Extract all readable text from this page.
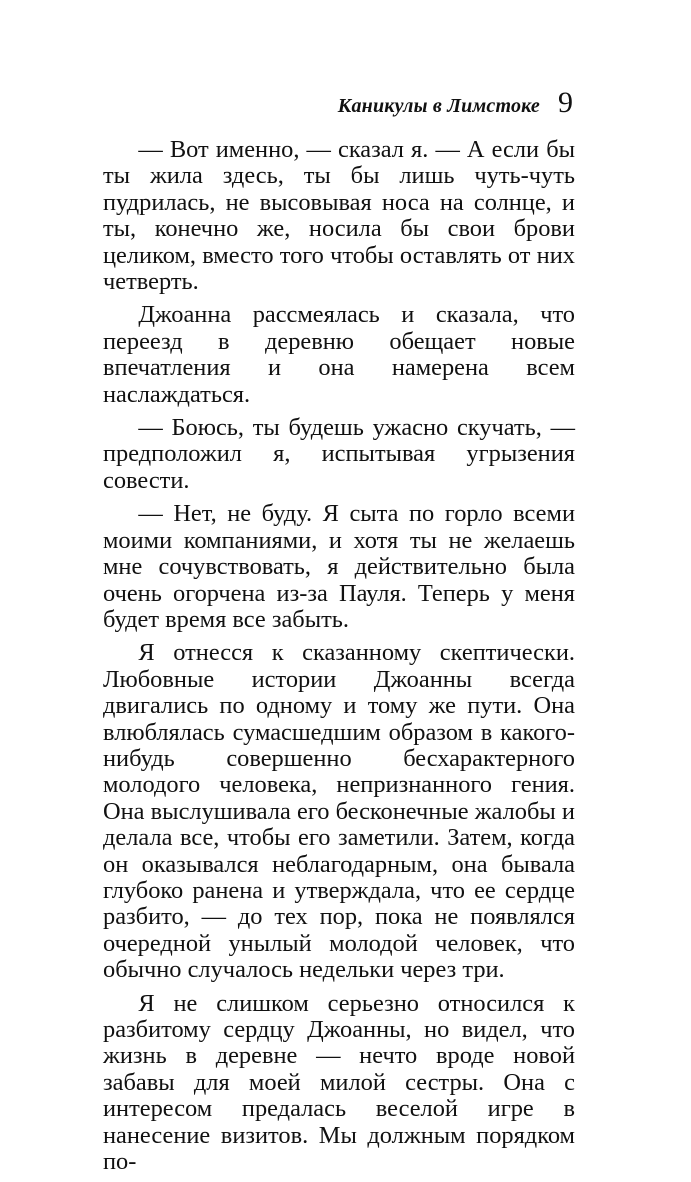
Каникулы в Лимстоке 9

— Вот именно, — сказал я. — А если бы ты жила здесь, ты бы лишь чуть-чуть пудрилась, не высовывая носа на солнце, и ты, конечно же, носила бы свои брови целиком, вместо того чтобы оставлять от них четверть.

Джоанна рассмеялась и сказала, что переезд в деревню обещает новые впечатления и она намерена всем наслаждаться.

— Боюсь, ты будешь ужасно скучать, — предположил я, испытывая угрызения совести.

— Нет, не буду. Я сыта по горло всеми моими компаниями, и хотя ты не желаешь мне сочувствовать, я действительно была очень огорчена из-за Пауля. Теперь у меня будет время все забыть.

Я отнесся к сказанному скептически. Любовные истории Джоанны всегда двигались по одному и тому же пути. Она влюблялась сумасшедшим образом в какого-нибудь совершенно бесхарактерного молодого человека, непризнанного гения. Она выслушивала его бесконечные жалобы и делала все, чтобы его заметили. Затем, когда он оказывался неблагодарным, она бывала глубоко ранена и утверждала, что ее сердце разбито, — до тех пор, пока не появлялся очередной унылый молодой человек, что обычно случалось недельки через три.

Я не слишком серьезно относился к разбитому сердцу Джоанны, но видел, что жизнь в деревне — нечто вроде новой забавы для моей милой сестры. Она с интересом предалась веселой игре в нанесение визитов. Мы должным порядком по-
